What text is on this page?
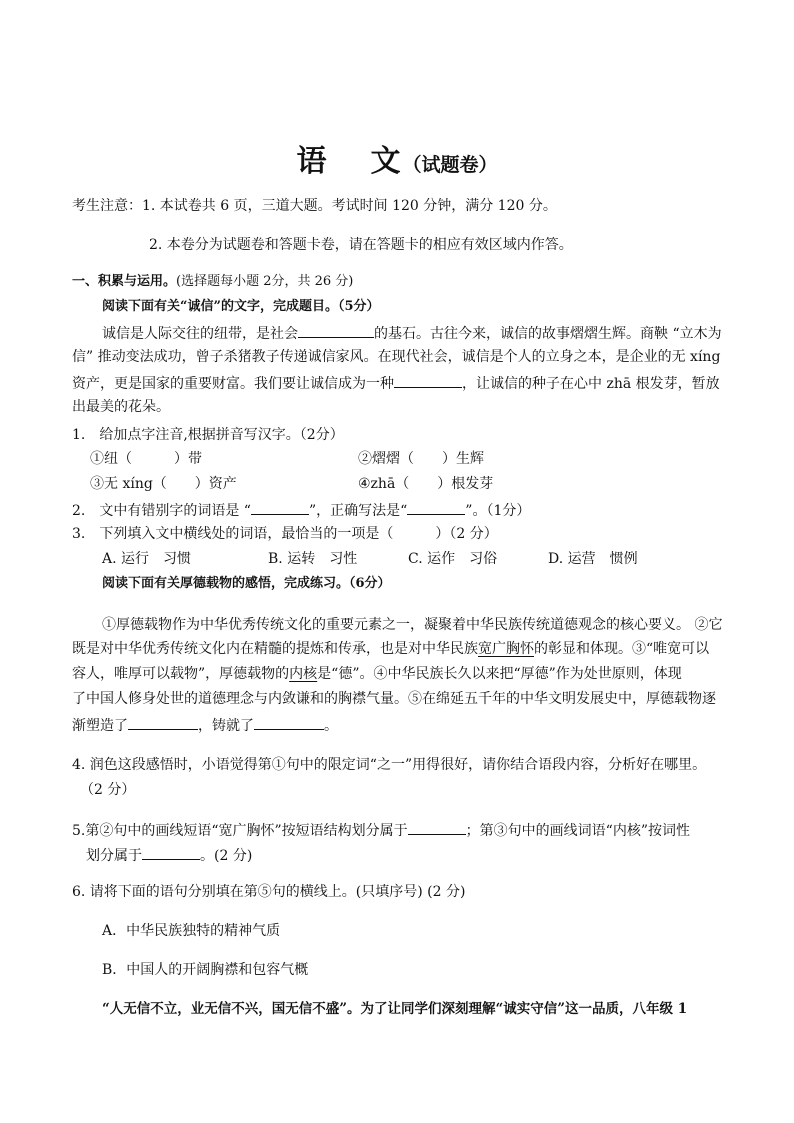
语 文（试题卷）
考生注意：1. 本试卷共 6 页，三道大题。考试时间 120 分钟，满分 120 分。
2. 本卷分为试题卷和答题卡卷，请在答题卡的相应有效区域内作答。
一、积累与运用。(选择题每小题 2分，共 26 分)
阅读下面有关“诚信”的文字，完成题目。（5分）
诚信是人际交往的纽带，是社会	的基石。古往今来，诚信的故事熠熠生辉。商鞅 “立木为
信” 推动变法成功，曾子杀猪教子传递诚信家风。在现代社会，诚信是个人的立身之本，是企业的无 xíng
资产，更是国家的重要财富。我们要让诚信成为一种	，让诚信的种子在心中 zhā 根发芽，暂放
出最美的花朵。
1.　给加点字注音,根据拼音写汉字。（2分）
①纽（　　　）带	②熠熠（　　）生辉
③无 xíng（　　）资产	④zhā（　　）根发芽
2.　文中有错别字的词语是 “	”，正确写法是“	”。（1分）
3.　下列填入文中横线处的词语，最恰当的一项是（　　　）（2 分）
A. 运行　习惯	B. 运转　习性	C. 运作　习俗	D. 运营　惯例
阅读下面有关厚德载物的感悟，完成练习。（6分）
①厚德载物作为中华优秀传统文化的重要元素之一，凝聚着中华民族传统道德观念的核心要义。 ②它
既是对中华优秀传统文化内在精髓的提炼和传承，也是对中华民族宽广胸怀的彰显和体现。③“唯宽可以
容人，唯厚可以载物”，厚德载物的内核是“德”。④中华民族长久以来把“厚德”作为处世原则，体现
了中国人修身处世的道德理念与内敛谦和的胸襟气量。⑤在绵延五千年的中华文明发展史中，厚德载物逐
渐塑造了	，铸就了	。
4. 润色这段感悟时，小语觉得第①句中的限定词“之一”用得很好，请你结合语段内容，分析好在哪里。
（2 分）
5.第②句中的画线短语“宽广胸怀”按短语结构划分属于	；第③句中的画线词语“内核”按词性
划分属于	。(2 分)
6. 请将下面的语句分别填在第⑤句的横线上。(只填序号) (2 分)
A．中华民族独特的精神气质
B．中国人的开阔胸襟和包容气概
“人无信不立，业无信不兴，国无信不盛”。为了让同学们深刻理解“诚实守信”这一品质，八年级 1
